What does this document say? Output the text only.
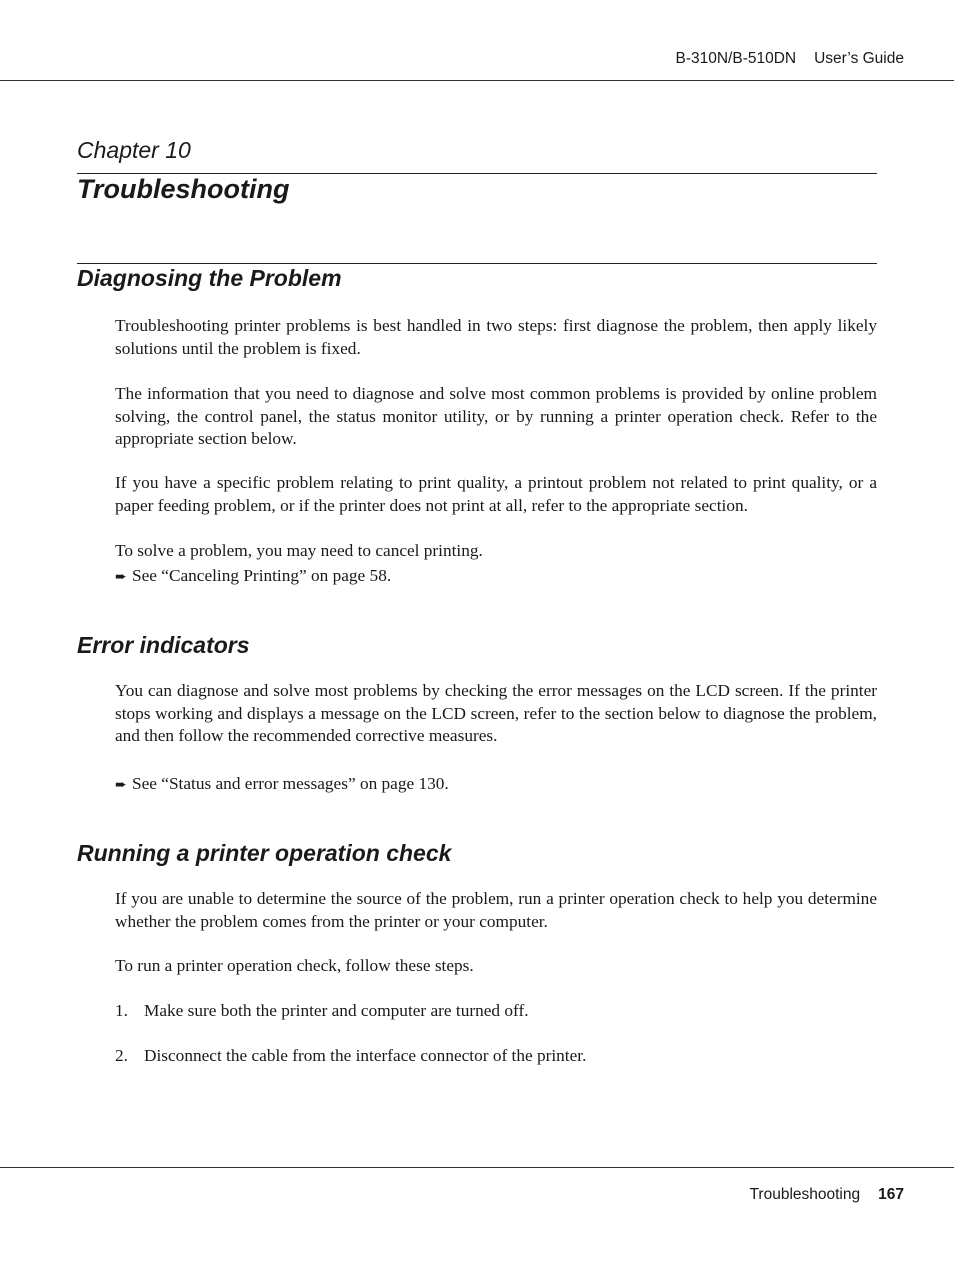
B-310N/B-510DN User’s Guide
Chapter 10
Troubleshooting
Diagnosing the Problem

Troubleshooting printer problems is best handled in two steps: first diagnose the problem, then apply likely solutions until the problem is fixed.

The information that you need to diagnose and solve most common problems is provided by online problem solving, the control panel, the status monitor utility, or by running a printer operation check. Refer to the appropriate section below.

If you have a specific problem relating to print quality, a printout problem not related to print quality, or a paper feeding problem, or if the printer does not print at all, refer to the appropriate section.

To solve a problem, you may need to cancel printing.

➨ See “Canceling Printing” on page 58.
Error indicators

You can diagnose and solve most problems by checking the error messages on the LCD screen. If the printer stops working and displays a message on the LCD screen, refer to the section below to diagnose the problem, and then follow the recommended corrective measures.

➨ See “Status and error messages” on page 130.
Running a printer operation check

If you are unable to determine the source of the problem, run a printer operation check to help you determine whether the problem comes from the printer or your computer.

To run a printer operation check, follow these steps.

1. Make sure both the printer and computer are turned off.
2. Disconnect the cable from the interface connector of the printer.
Troubleshooting 167
